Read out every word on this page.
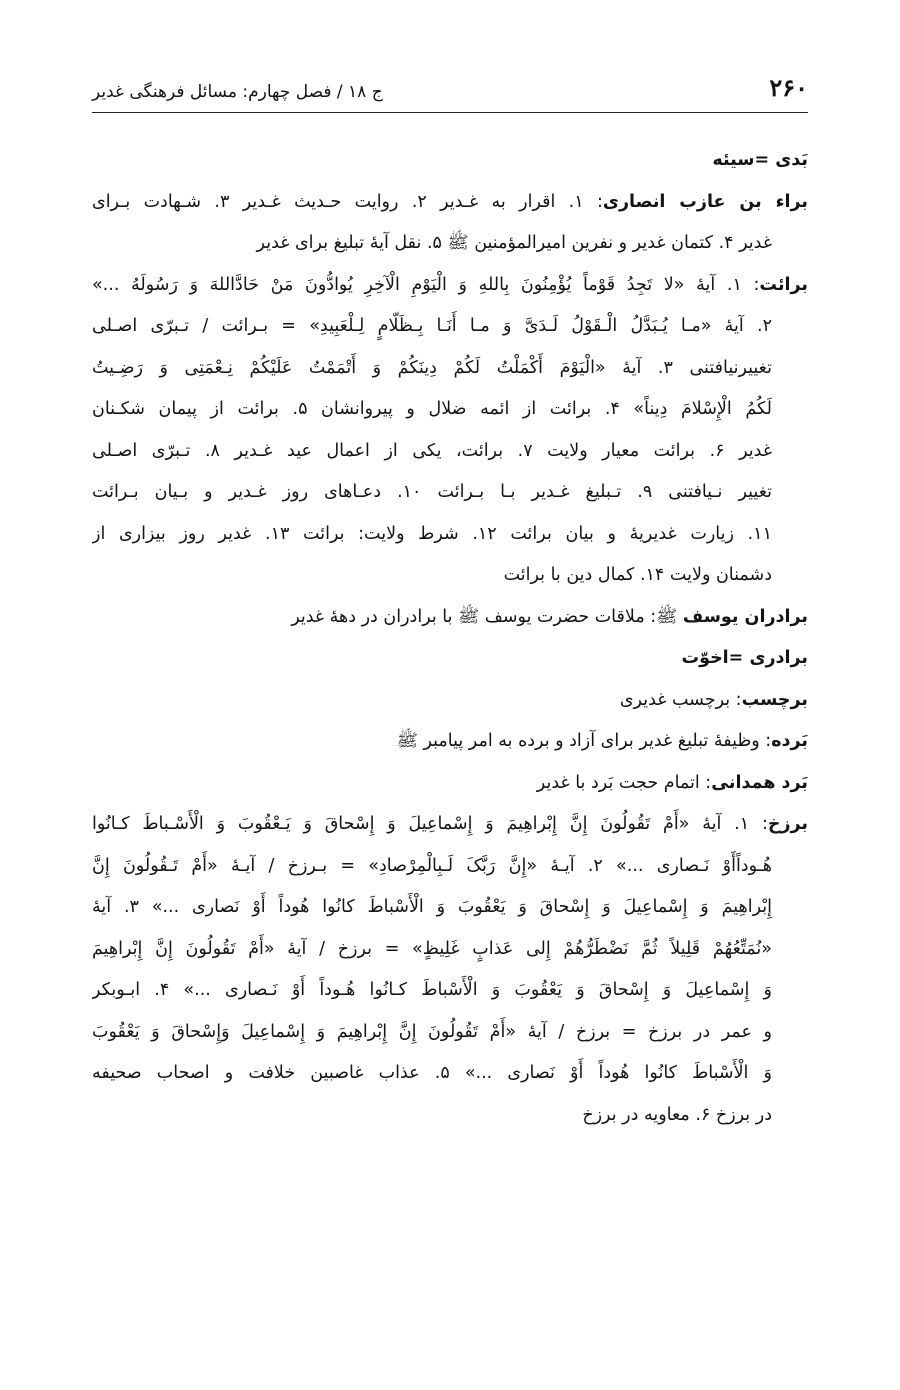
۲۶۰
ج ۱۸ / فصل چهارم: مسائل فرهنگی غدیر
بَدی =سیئه
براء بن عازب انصاری: ۱. اقرار به غـدیر ۲. روایت حـدیث غـدیر ۳. شـهادت بـرای
غدیر ۴. کتمان غدیر و نفرین امیرالمؤمنین ﷺ ۵. نقل آیهٔ تبلیغ برای غدیر
برائت: ۱. آیهٔ «لا تَجِدُ قَوْماً یُؤْمِنُونَ بِاللهِ وَ الْیَوْمِ الْآخِرِ یُوادُّونَ مَنْ حَادَّاللهَ وَ رَسُولَهُ ...»
۲. آیهٔ «مـا یُـبَدَّلُ الْـقَوْلُ لَـدَیَّ وَ مـا أَنَـا بِـظَلّامٍ لِـلْعَبِیدِ» = بـرائت / تـبرّی اصـلی
تغییرنیافتنی ۳. آیهٔ «الْیَوْمَ أَکْمَلْتُ لَکُمْ دِینَکُمْ وَ أَتْمَمْتُ عَلَیْکُمْ نِـعْمَتِی وَ رَضِـیتُ
لَکُمُ الْإِسْلامَ دِیناً» ۴. برائت از ائمه ضلال و پیروانشان ۵. برائت از پیمان شکـنان
غدیر ۶. برائت معیار ولایت ۷. برائت، یکی از اعمال عید غـدیر ۸. تـبرّی اصـلی
تغییر نـیافتنی ۹. تـبلیغ غـدیر بـا بـرائت ۱۰. دعـاهای روز غـدیر و بـیان بـرائت
۱۱. زیارت غدیریهٔ و بیان برائت ۱۲. شرط ولایت: برائت ۱۳. غدیر روز بیزاری از
دشمنان ولایت ۱۴. کمال دین با برائت
برادران یوسف ﷺ: ملاقات حضرت یوسف ﷺ با برادران در دههٔ غدیر
برادری =اخوّت
برچسب: برچسب غدیری
بَرده: وظیفهٔ تبلیغ غدیر برای آزاد و برده به امر پیامبر ﷺ
بَرد همدانی: اتمام حجت بَرد با غدیر
برزخ: ۱. آیهٔ «أَمْ تَقُولُونَ إِنَّ إِبْراهِیمَ وَ إِسْماعِیلَ وَ إِسْحاقَ وَ یَـعْقُوبَ وَ الْأَسْـباطَ کـانُوا
هُـوداًأَوْ نَـصاری ...» ۲. آیـهٔ «إِنَّ رَبَّکَ لَـبِالْمِرْصادِ» = بـرزخ / آیـهٔ «أَمْ تَـقُولُونَ إِنَّ
إِبْراهِیمَ وَ إِسْماعِیلَ وَ إِسْحاقَ وَ یَعْقُوبَ وَ الْأَسْباطَ کانُوا هُوداً أَوْ نَصاری ...» ۳. آیهٔ
«نُمَتِّعُهُمْ قَلِیلاً ثُمَّ نَضْطَرُّهُمْ إِلى عَذابٍ غَلِیظٍ» = برزخ / آیهٔ «أَمْ تَقُولُونَ إِنَّ إِبْراهِیمَ
وَ إِسْماعِیلَ وَ إِسْحاقَ وَ یَعْقُوبَ وَ الْأَسْباطَ کـانُوا هُـوداً أَوْ نَـصاری ...» ۴. ابـوبکر
و عمر در برزخ = برزخ / آیهٔ «أَمْ تَقُولُونَ إِنَّ إِبْراهِیمَ وَ إِسْماعِیلَ وَإِسْحاقَ وَ یَعْقُوبَ
وَ الْأَسْباطَ کانُوا هُوداً أَوْ نَصاری ...» ۵. عذاب غاصبین خلافت و اصحاب صحیفه
در برزخ ۶. معاویه در برزخ
